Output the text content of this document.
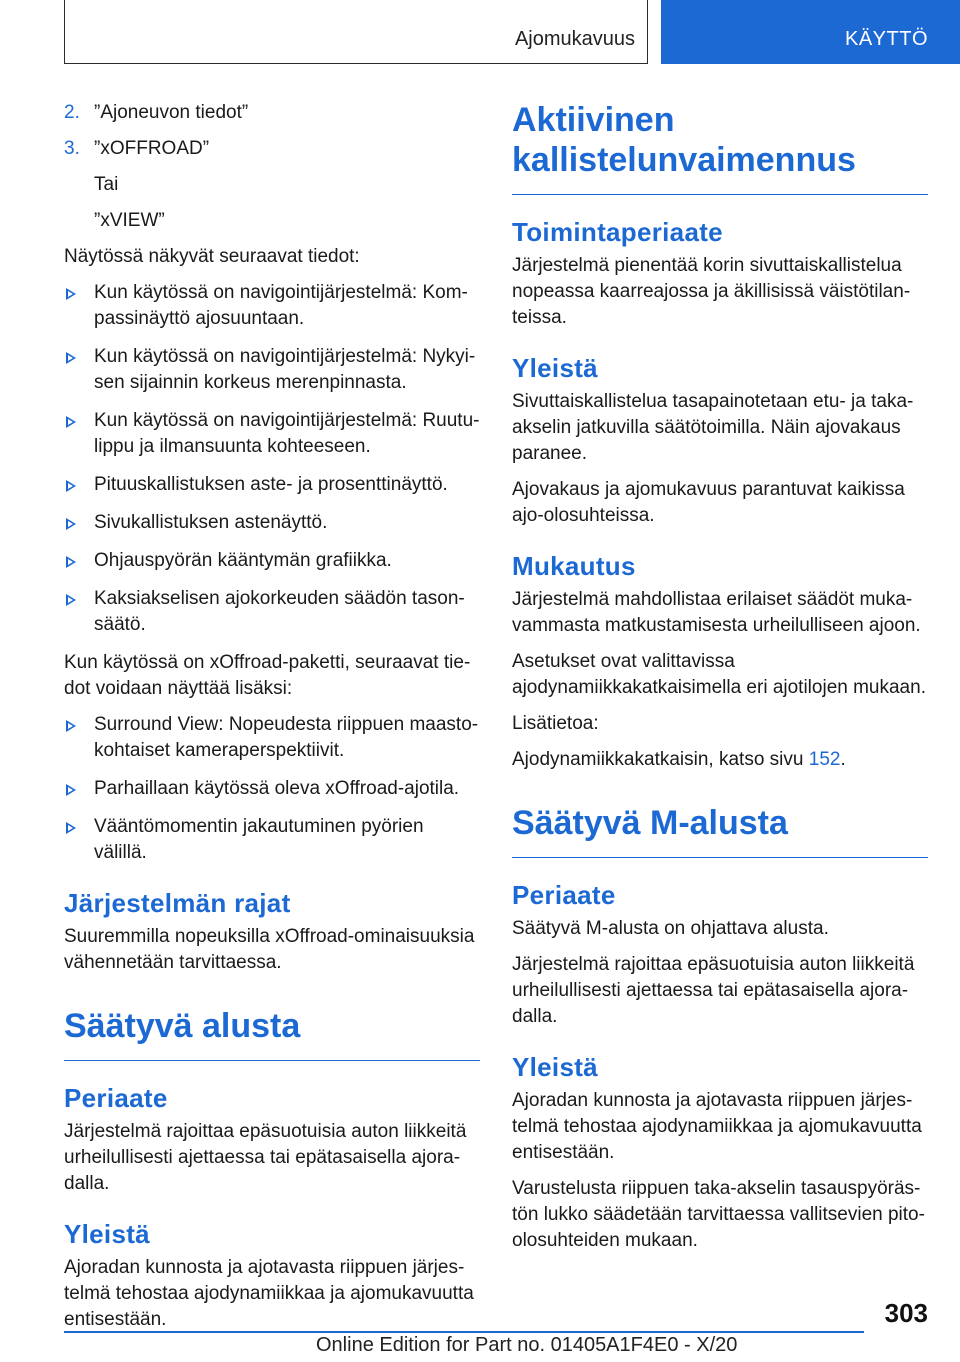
Ajomukavuus	KÄYTTÖ
2. ”Ajoneuvon tiedot”
3. ”xOFFROAD”
Tai
”xVIEW”

Näytössä näkyvät seuraavat tiedot:

Kun käytössä on navigointijärjestelmä: Kompassinäyttö ajosuuntaan.
Kun käytössä on navigointijärjestelmä: Nykyisen sijainnin korkeus merenpinnasta.
Kun käytössä on navigointijärjestelmä: Ruutulippu ja ilmansuunta kohteeseen.
Pituuskallistuksen aste- ja prosenttinäyttö.
Sivukallistuksen astenäyttö.
Ohjauspyörän kääntymän grafiikka.
Kaksiakselisen ajokorkeuden säädön tasonsäätö.

Kun käytössä on xOffroad-paketti, seuraavat tiedot voidaan näyttää lisäksi:

Surround View: Nopeudesta riippuen maastokohtaiset kameraperspektiivit.
Parhaillaan käytössä oleva xOffroad-ajotila.
Vääntömomentin jakautuminen pyörien välillä.
Järjestelmän rajat

Suuremmilla nopeuksilla xOffroad-ominaisuuksia vähennetään tarvittaessa.

Säätyvä alusta
Periaate

Järjestelmä rajoittaa epäsuotuisia auton liikkeitä urheilullisesti ajettaessa tai epätasaisella ajoradalla.

Yleistä

Ajoradan kunnosta ja ajotavasta riippuen järjestelmä tehostaa ajodynamiikkaa ja ajomukavuutta entisestään.

Aktiivinen kallistelunvaimennus
Toimintaperiaate

Järjestelmä pienentää korin sivuttaiskallistelua nopeassa kaarreajossa ja äkillisissä väistötilanteissa.

Yleistä

Sivuttaiskallistelua tasapainotetaan etu- ja takaakselin jatkuvilla säätötoimilla. Näin ajovakaus paranee.

Ajovakaus ja ajomukavuus parantuvat kaikissa ajo-olosuhteissa.

Mukautus

Järjestelmä mahdollistaa erilaiset säädöt mukavammasta matkustamisesta urheilulliseen ajoon.

Asetukset ovat valittavissa ajodynamiikkakatkaisimella eri ajotilojen mukaan.

Lisätietoa:

Ajodynamiikkakatkaisin, katso sivu 152.

Säätyvä M-alusta
Periaate

Säätyvä M-alusta on ohjattava alusta.

Järjestelmä rajoittaa epäsuotuisia auton liikkeitä urheilullisesti ajettaessa tai epätasaisella ajoradalla.

Yleistä

Ajoradan kunnosta ja ajotavasta riippuen järjestelmä tehostaa ajodynamiikkaa ja ajomukavuutta entisestään.

Varustelusta riippuen taka-akselin tasauspyörästön lukko säädetään tarvittaessa vallitsevien pitoolosuhteiden mukaan.

303
Online Edition for Part no. 01405A1F4E0 - X/20
